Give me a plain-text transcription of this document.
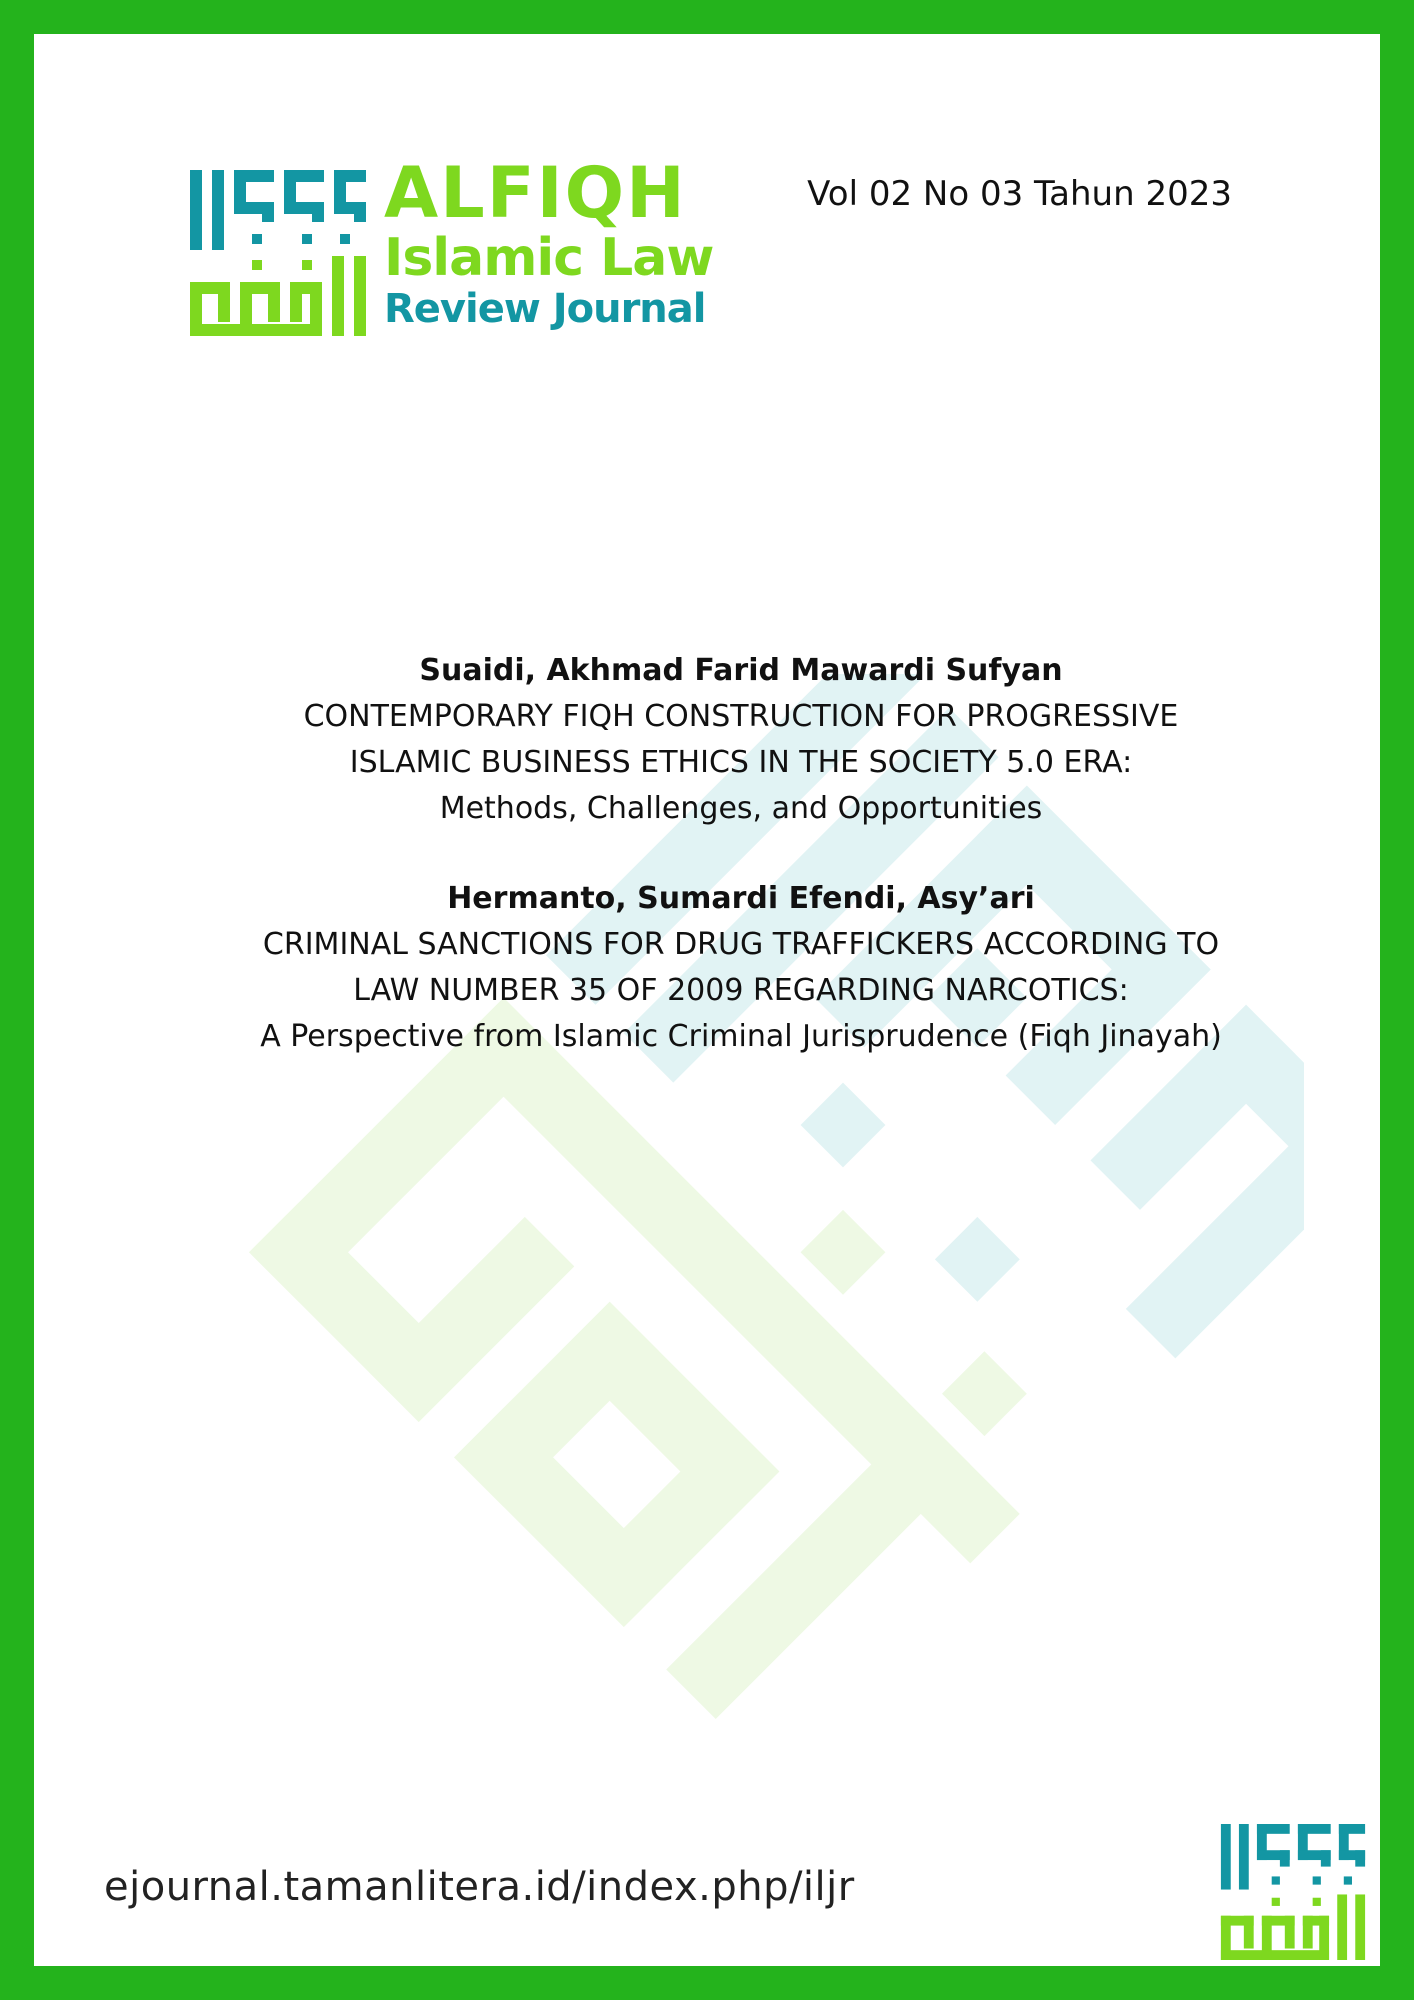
ALFIQH
Islamic Law
Review Journal
Vol 02 No 03 Tahun 2023
Suaidi, Akhmad Farid Mawardi Sufyan
CONTEMPORARY FIQH CONSTRUCTION FOR PROGRESSIVE
ISLAMIC BUSINESS ETHICS IN THE SOCIETY 5.0 ERA:
Methods, Challenges, and Opportunities
Hermanto, Sumardi Efendi, Asy’ari
CRIMINAL SANCTIONS FOR DRUG TRAFFICKERS ACCORDING TO
LAW NUMBER 35 OF 2009 REGARDING NARCOTICS:
A Perspective from Islamic Criminal Jurisprudence (Fiqh Jinayah)
ejournal.tamanlitera.id/index.php/iljr
